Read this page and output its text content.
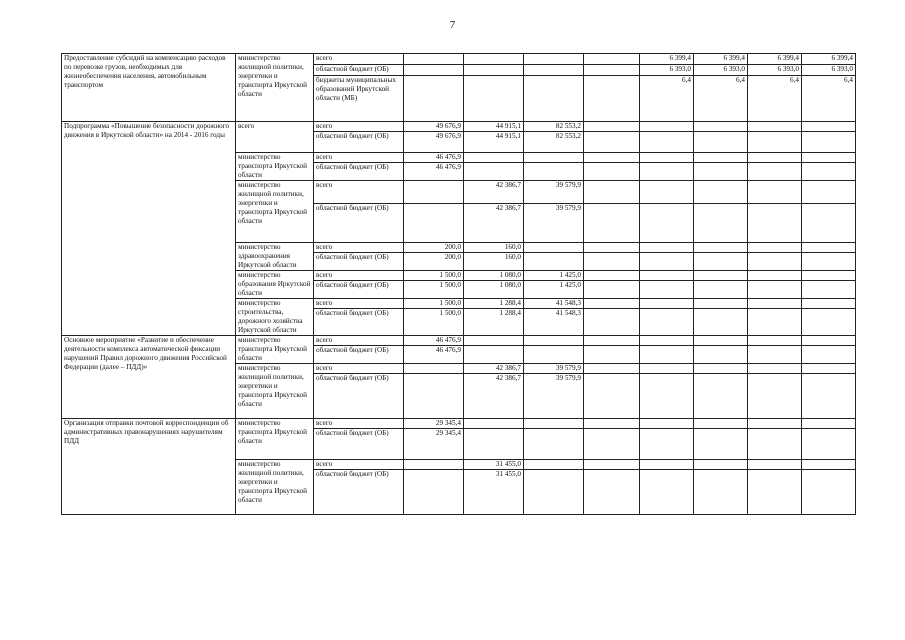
7
Предоставление субсидий на компенсацию расходов по перевозке грузов, необходимых для жизнеобеспечения населения, автомобильным транспортом	министерство жилищной политики, энергетики и транспорта Иркутской области	всего					6 399,4	6 399,4	6 399,4	6 399,4
		областной бюджет (ОБ)					6 393,0	6 393,0	6 393,0	6 393,0
		бюджеты муниципальных образований Иркутской области (МБ)					6,4	6,4	6,4	6,4
Подпрограмма «Повышение безопасности дорожного движения в Иркутской области» на 2014 - 2016 годы	всего	всего	49 676,9	44 915,1	82 553,2					
		областной бюджет (ОБ)	49 676,9	44 915,1	82 553,2					
	министерство транспорта Иркутской области	всего	46 476,9							
		областной бюджет (ОБ)	46 476,9							
	министерство жилищной политики, энергетики и транспорта Иркутской области	всего		42 386,7	39 579,9					
		областной бюджет (ОБ)		42 386,7	39 579,9					
	министерство здравоохранения Иркутской области	всего	200,0	160,0						
		областной бюджет (ОБ)	200,0	160,0						
	министерство образования Иркутской области	всего	1 500,0	1 080,0	1 425,0					
		областной бюджет (ОБ)	1 500,0	1 080,0	1 425,0					
	министерство строительства, дорожного хозяйства Иркутской области	всего	1 500,0	1 288,4	41 548,3					
		областной бюджет (ОБ)	1 500,0	1 288,4	41 548,3					
Основное мероприятие «Развитие и обеспечение деятельности комплекса автоматической фиксации нарушений Правил дорожного движения Российской Федерации (далее – ПДД)»	министерство транспорта Иркутской области	всего	46 476,9							
		областной бюджет (ОБ)	46 476,9							
	министерство жилищной политики, энергетики и транспорта Иркутской области	всего		42 386,7	39 579,9					
		областной бюджет (ОБ)		42 386,7	39 579,9					
Организация отправки почтовой корреспонденции об административных правонарушениях нарушителям ПДД	министерство транспорта Иркутской области	всего	29 345,4							
		областной бюджет (ОБ)	29 345,4							
	министерство жилищной политики, энергетики и транспорта Иркутской области	всего		31 455,0						
		областной бюджет (ОБ)		31 455,0						
